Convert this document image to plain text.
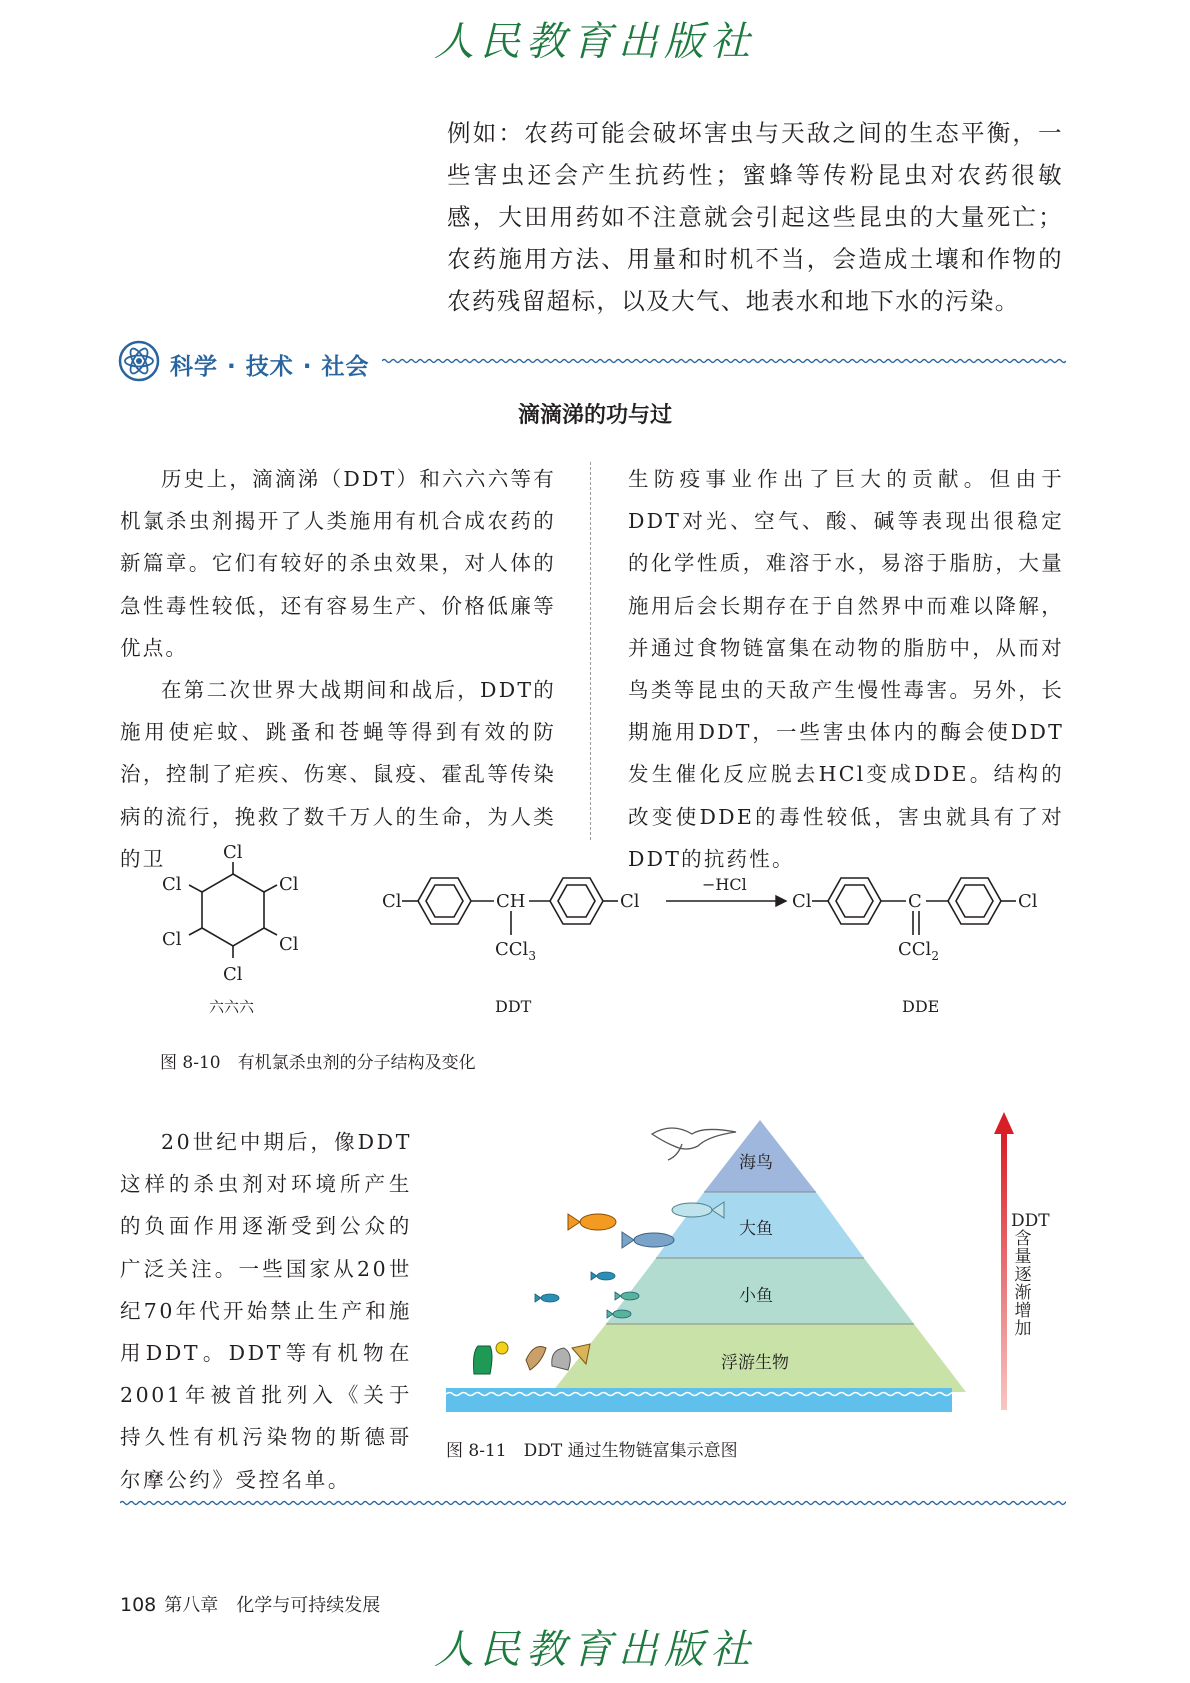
人民教育出版社
例如：农药可能会破坏害虫与天敌之间的生态平衡，一些害虫还会产生抗药性；蜜蜂等传粉昆虫对农药很敏感，大田用药如不注意就会引起这些昆虫的大量死亡；农药施用方法、用量和时机不当，会造成土壤和作物的农药残留超标，以及大气、地表水和地下水的污染。
科学 · 技术 · 社会
滴滴涕的功与过

历史上，滴滴涕（DDT）和六六六等有机氯杀虫剂揭开了人类施用有机合成农药的新篇章。它们有较好的杀虫效果，对人体的急性毒性较低，还有容易生产、价格低廉等优点。

在第二次世界大战期间和战后，DDT的施用使疟蚊、跳蚤和苍蝇等得到有效的防治，控制了疟疾、伤寒、鼠疫、霍乱等传染病的流行，挽救了数千万人的生命，为人类的卫

生防疫事业作出了巨大的贡献。但由于DDT对光、空气、酸、碱等表现出很稳定的化学性质，难溶于水，易溶于脂肪，大量施用后会长期存在于自然界中而难以降解，并通过食物链富集在动物的脂肪中，从而对鸟类等昆虫的天敌产生慢性毒害。另外，长期施用DDT，一些害虫体内的酶会使DDT发生催化反应脱去HCl变成DDE。结构的改变使DDE的毒性较低，害虫就具有了对DDT的抗药性。

Cl
Cl
Cl
Cl
Cl
Cl
六六六
Cl	CH	Cl
CCl$_3$
DDT
−HCl
Cl	C	Cl
CCl$_2$
DDE
图 8-10　有机氯杀虫剂的分子结构及变化

20世纪中期后，像DDT这样的杀虫剂对环境所产生的负面作用逐渐受到公众的广泛关注。一些国家从20世纪70年代开始禁止生产和施用DDT。DDT等有机物在2001年被首批列入《关于持久性有机污染物的斯德哥尔摩公约》受控名单。

海鸟
大鱼
小鱼
浮游生物
DDT含量逐渐增加
图 8-11　DDT 通过生物链富集示意图
108 第八章　化学与可持续发展
人民教育出版社
